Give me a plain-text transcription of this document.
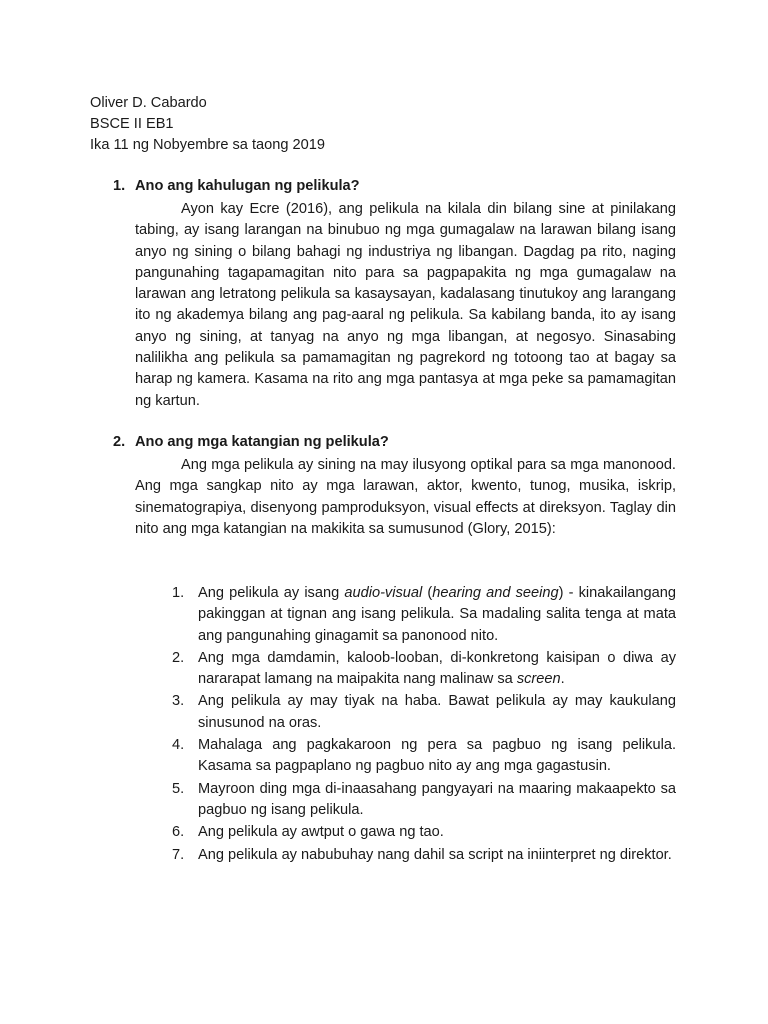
Oliver D. Cabardo
BSCE II EB1
Ika 11 ng Nobyembre sa taong 2019
1. Ano ang kahulugan ng pelikula?

Ayon kay Ecre (2016), ang pelikula na kilala din bilang sine at pinilakang tabing, ay isang larangan na binubuo ng mga gumagalaw na larawan bilang isang anyo ng sining o bilang bahagi ng industriya ng libangan. Dagdag pa rito, naging pangunahing tagapamagitan nito para sa pagpapakita ng mga gumagalaw na larawan ang letratong pelikula sa kasaysayan, kadalasang tinutukoy ang larangang ito ng akademya bilang ang pag-aaral ng pelikula. Sa kabilang banda, ito ay isang anyo ng sining, at tanyag na anyo ng mga libangan, at negosyo. Sinasabing nalilikha ang pelikula sa pamamagitan ng pagrekord ng totoong tao at bagay sa harap ng kamera. Kasama na rito ang mga pantasya at mga peke sa pamamagitan ng kartun.

2. Ano ang mga katangian ng pelikula?

Ang mga pelikula ay sining na may ilusyong optikal para sa mga manonood. Ang mga sangkap nito ay mga larawan, aktor, kwento, tunog, musika, iskrip, sinematograpiya, disenyong pamproduksyon, visual effects at direksyon. Taglay din nito ang mga katangian na makikita sa sumusunod (Glory, 2015):

1. Ang pelikula ay isang audio-visual (hearing and seeing) - kinakailangang pakinggan at tignan ang isang pelikula. Sa madaling salita tenga at mata ang pangunahing ginagamit sa panonood nito.
2. Ang mga damdamin, kaloob-looban, di-konkretong kaisipan o diwa ay nararapat lamang na maipakita nang malinaw sa screen.
3. Ang pelikula ay may tiyak na haba. Bawat pelikula ay may kaukulang sinusunod na oras.
4. Mahalaga ang pagkakaroon ng pera sa pagbuo ng isang pelikula. Kasama sa pagpaplano ng pagbuo nito ay ang mga gagastusin.
5. Mayroon ding mga di-inaasahang pangyayari na maaring makaapekto sa pagbuo ng isang pelikula.
6. Ang pelikula ay awtput o gawa ng tao.
7. Ang pelikula ay nabubuhay nang dahil sa script na iniinterpret ng direktor.
